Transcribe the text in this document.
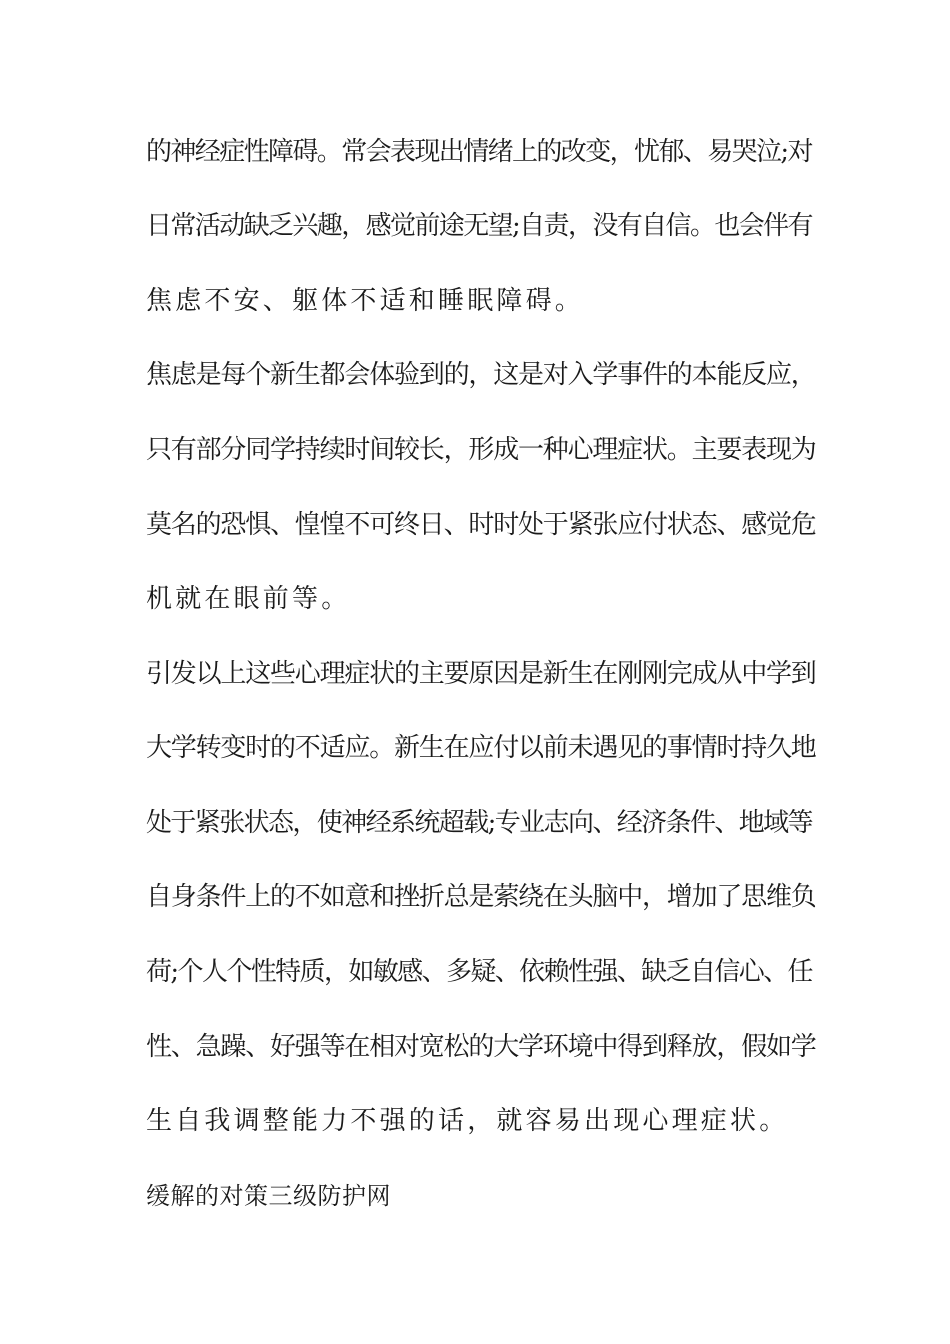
的神经症性障碍。常会表现出情绪上的改变，忧郁、易哭泣;对
日常活动缺乏兴趣，感觉前途无望;自责，没有自信。也会伴有
焦虑不安、躯体不适和睡眠障碍。
焦虑是每个新生都会体验到的，这是对入学事件的本能反应，
只有部分同学持续时间较长，形成一种心理症状。主要表现为
莫名的恐惧、惶惶不可终日、时时处于紧张应付状态、感觉危
机就在眼前等。
引发以上这些心理症状的主要原因是新生在刚刚完成从中学到
大学转变时的不适应。新生在应付以前未遇见的事情时持久地
处于紧张状态，使神经系统超载;专业志向、经济条件、地域等
自身条件上的不如意和挫折总是萦绕在头脑中，增加了思维负
荷;个人个性特质，如敏感、多疑、依赖性强、缺乏自信心、任
性、急躁、好强等在相对宽松的大学环境中得到释放，假如学
生自我调整能力不强的话，就容易出现心理症状。
缓解的对策三级防护网
